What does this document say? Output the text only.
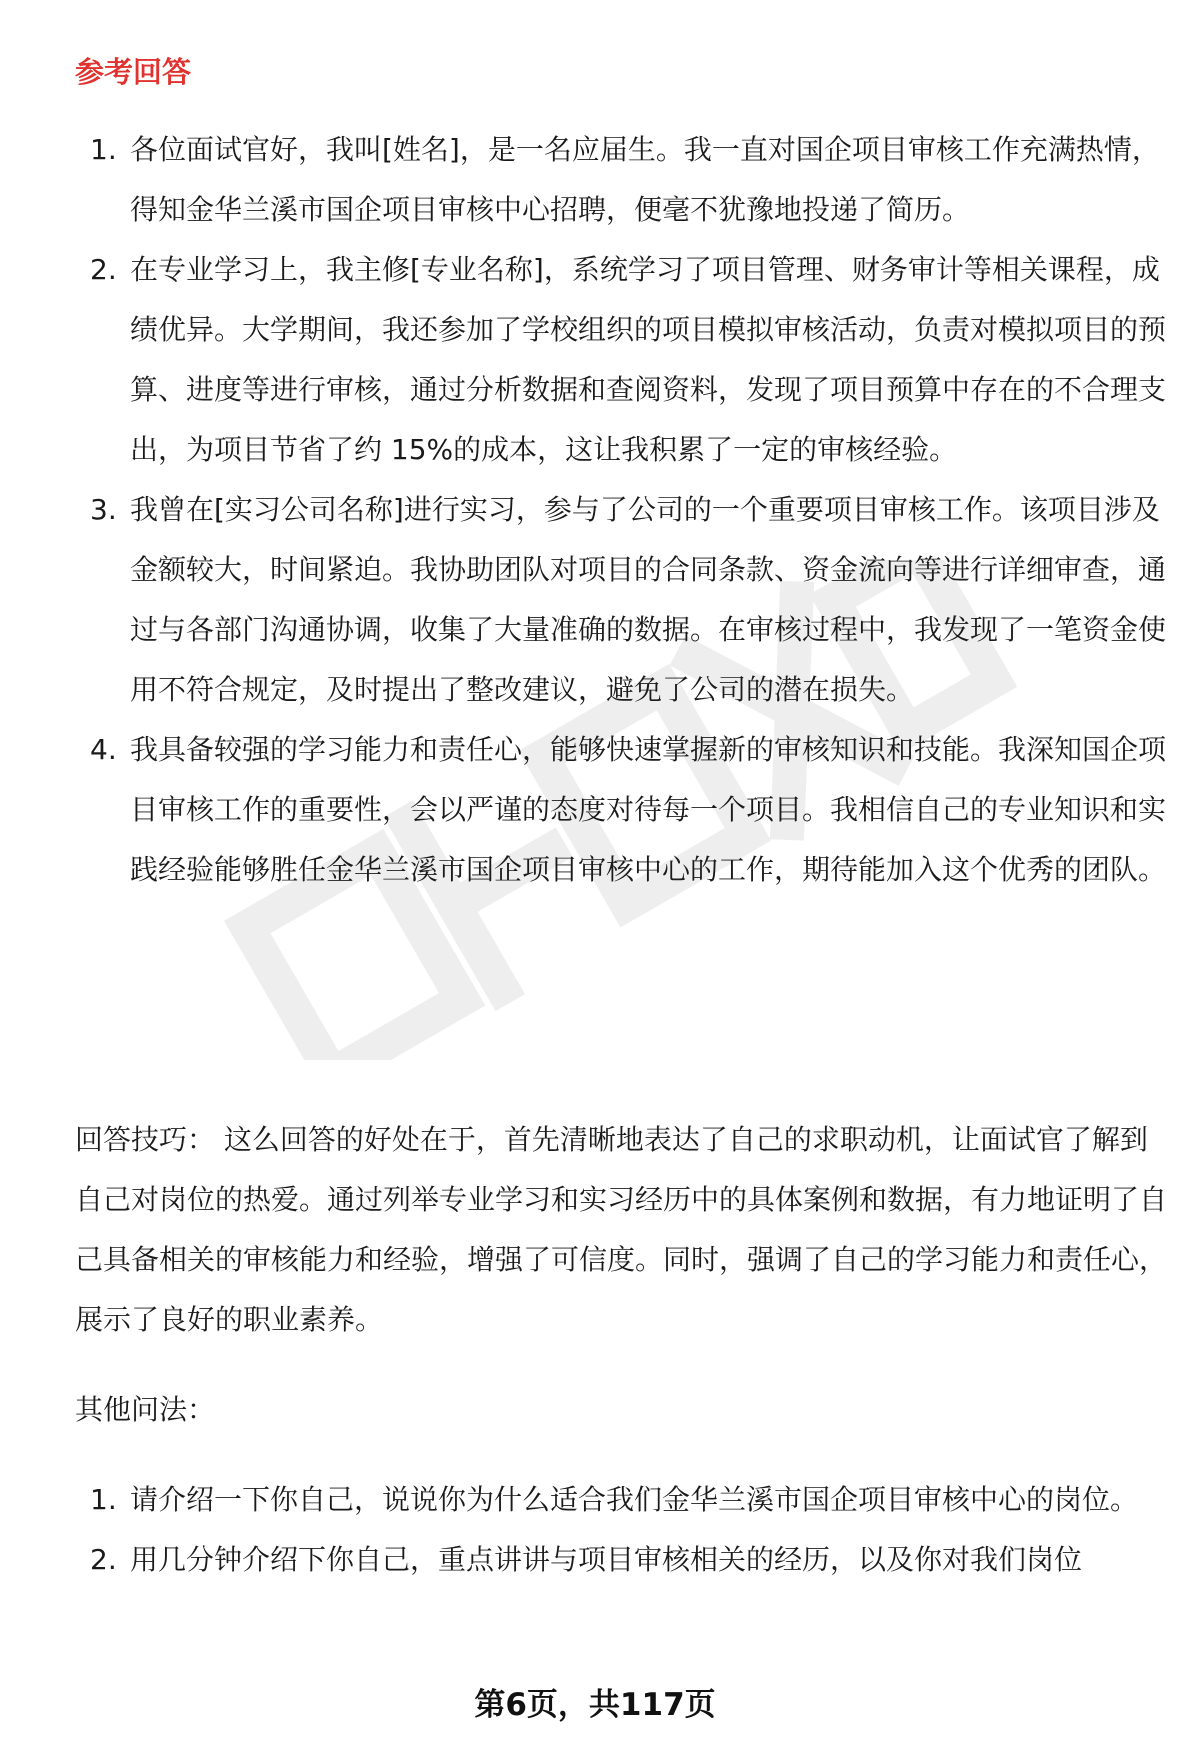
参考回答
1. 各位面试官好，我叫[姓名]，是一名应届生。我一直对国企项目审核工作充满热情，得知金华兰溪市国企项目审核中心招聘，便毫不犹豫地投递了简历。
2. 在专业学习上，我主修[专业名称]，系统学习了项目管理、财务审计等相关课程，成绩优异。大学期间，我还参加了学校组织的项目模拟审核活动，负责对模拟项目的预算、进度等进行审核，通过分析数据和查阅资料，发现了项目预算中存在的不合理支出，为项目节省了约 15%的成本，这让我积累了一定的审核经验。
3. 我曾在[实习公司名称]进行实习，参与了公司的一个重要项目审核工作。该项目涉及金额较大，时间紧迫。我协助团队对项目的合同条款、资金流向等进行详细审查，通过与各部门沟通协调，收集了大量准确的数据。在审核过程中，我发现了一笔资金使用不符合规定，及时提出了整改建议，避免了公司的潜在损失。
4. 我具备较强的学习能力和责任心，能够快速掌握新的审核知识和技能。我深知国企项目审核工作的重要性，会以严谨的态度对待每一个项目。我相信自己的专业知识和实践经验能够胜任金华兰溪市国企项目审核中心的工作，期待能加入这个优秀的团队。

回答技巧： 这么回答的好处在于，首先清晰地表达了自己的求职动机，让面试官了解到自己对岗位的热爱。通过列举专业学习和实习经历中的具体案例和数据，有力地证明了自己具备相关的审核能力和经验，增强了可信度。同时，强调了自己的学习能力和责任心，展示了良好的职业素养。

其他问法：

1. 请介绍一下你自己，说说你为什么适合我们金华兰溪市国企项目审核中心的岗位。
2. 用几分钟介绍下你自己，重点讲讲与项目审核相关的经历，以及你对我们岗位
第6页，共117页
